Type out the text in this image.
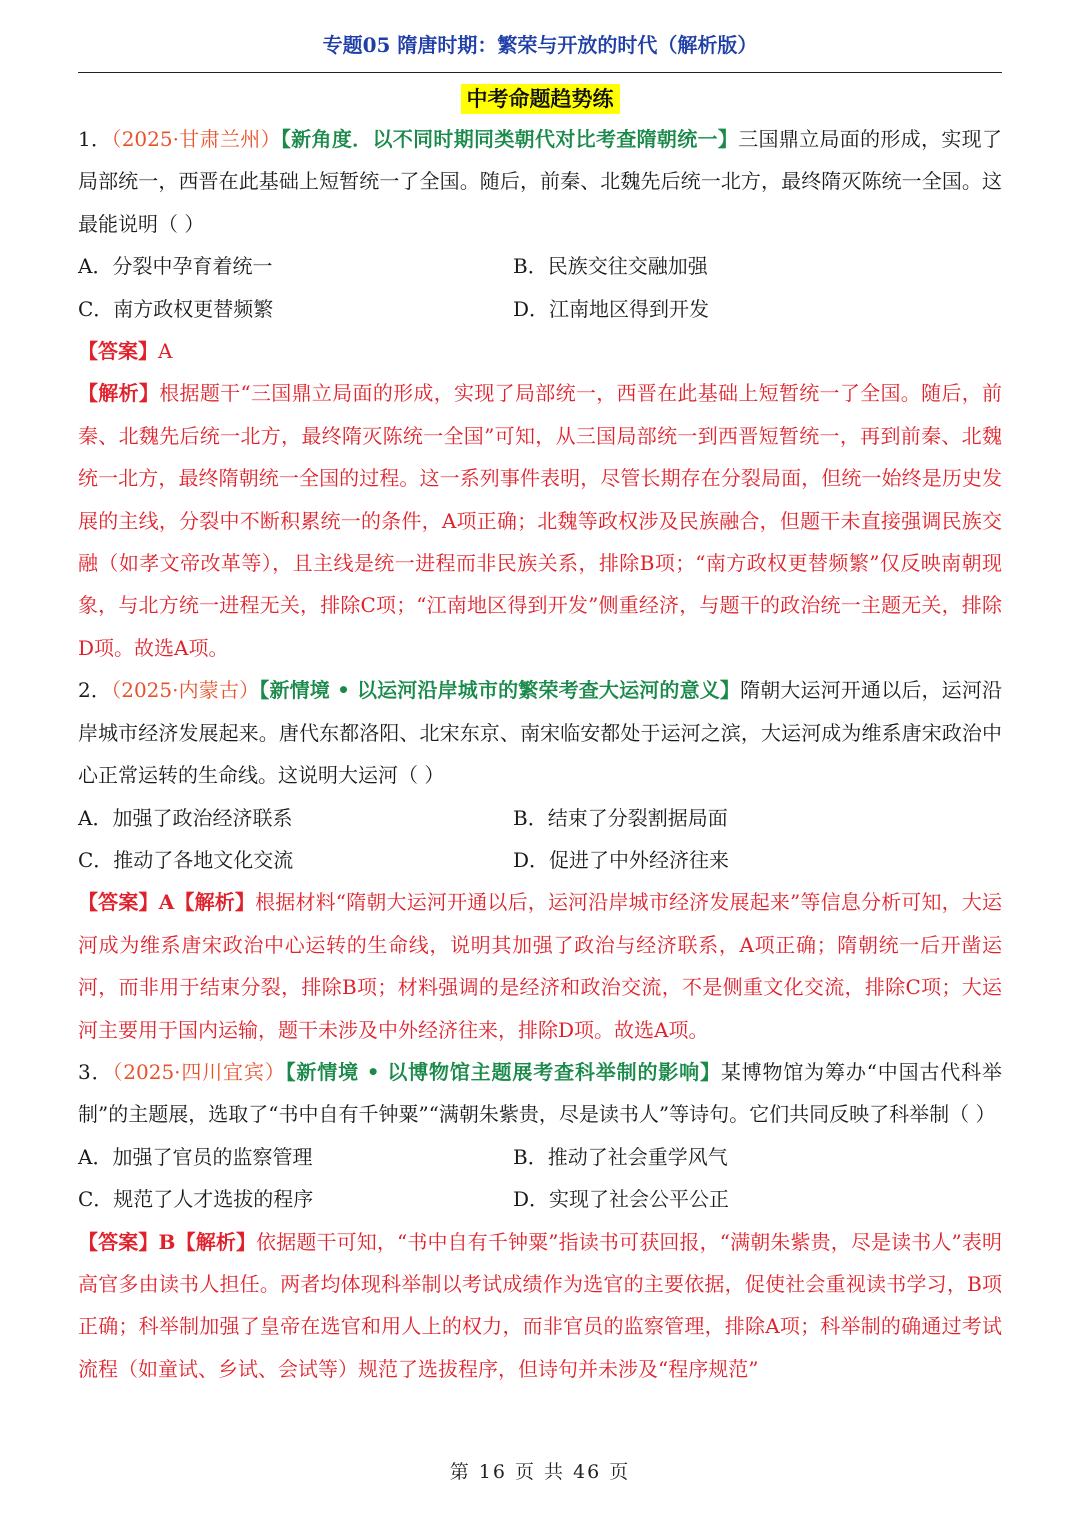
专题05 隋唐时期：繁荣与开放的时代（解析版）
中考命题趋势练

1．（2025·甘肃兰州）【新角度．以不同时期同类朝代对比考查隋朝统一】三国鼎立局面的形成，实现了局部统一，西晋在此基础上短暂统一了全国。随后，前秦、北魏先后统一北方，最终隋灭陈统一全国。这最能说明（ ）

A．分裂中孕育着统一	B．民族交往交融加强
C．南方政权更替频繁	D．江南地区得到开发

【答案】A

【解析】根据题干“三国鼎立局面的形成，实现了局部统一，西晋在此基础上短暂统一了全国。随后，前秦、北魏先后统一北方，最终隋灭陈统一全国”可知，从三国局部统一到西晋短暂统一，再到前秦、北魏统一北方，最终隋朝统一全国的过程。这一系列事件表明，尽管长期存在分裂局面，但统一始终是历史发展的主线，分裂中不断积累统一的条件，A项正确；北魏等政权涉及民族融合，但题干未直接强调民族交融（如孝文帝改革等），且主线是统一进程而非民族关系，排除B项；“南方政权更替频繁”仅反映南朝现象，与北方统一进程无关，排除C项；“江南地区得到开发”侧重经济，与题干的政治统一主题无关，排除D项。故选A项。

2．（2025·内蒙古）【新情境 • 以运河沿岸城市的繁荣考查大运河的意义】隋朝大运河开通以后，运河沿岸城市经济发展起来。唐代东都洛阳、北宋东京、南宋临安都处于运河之滨，大运河成为维系唐宋政治中心正常运转的生命线。这说明大运河（ ）

A．加强了政治经济联系	B．结束了分裂割据局面
C．推动了各地文化交流	D．促进了中外经济往来

【答案】A【解析】根据材料“隋朝大运河开通以后，运河沿岸城市经济发展起来”等信息分析可知，大运河成为维系唐宋政治中心运转的生命线，说明其加强了政治与经济联系，A项正确；隋朝统一后开凿运河，而非用于结束分裂，排除B项；材料强调的是经济和政治交流，不是侧重文化交流，排除C项；大运河主要用于国内运输，题干未涉及中外经济往来，排除D项。故选A项。

3．（2025·四川宜宾）【新情境 • 以博物馆主题展考查科举制的影响】某博物馆为筹办“中国古代科举制”的主题展，选取了“书中自有千钟粟”“满朝朱紫贵，尽是读书人”等诗句。它们共同反映了科举制（ ）

A．加强了官员的监察管理	B．推动了社会重学风气
C．规范了人才选拔的程序	D．实现了社会公平公正

【答案】B【解析】依据题干可知，“书中自有千钟粟”指读书可获回报，“满朝朱紫贵，尽是读书人”表明高官多由读书人担任。两者均体现科举制以考试成绩作为选官的主要依据，促使社会重视读书学习，B项正确；科举制加强了皇帝在选官和用人上的权力，而非官员的监察管理，排除A项；科举制的确通过考试流程（如童试、乡试、会试等）规范了选拔程序，但诗句并未涉及“程序规范”

第 16 页 共 46 页
